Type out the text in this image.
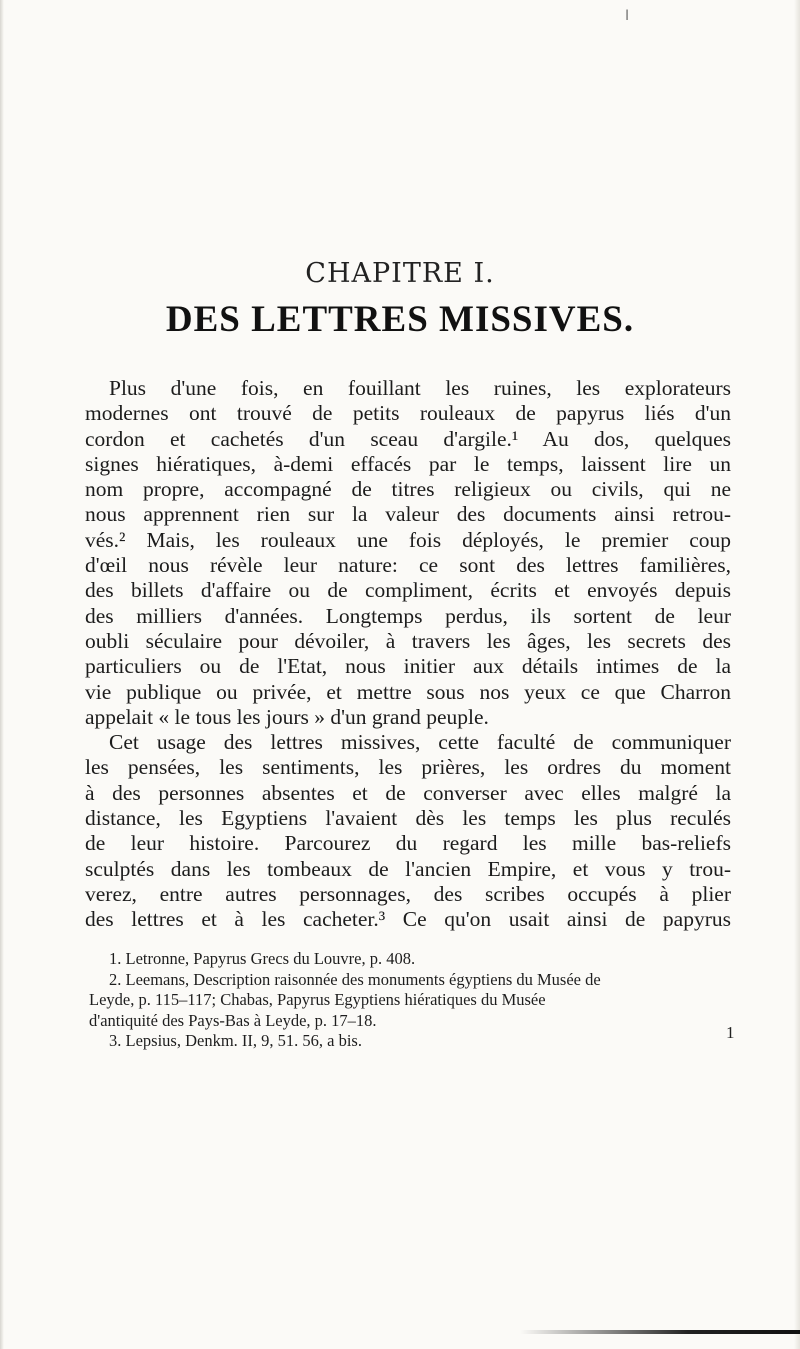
I
CHAPITRE I.
DES LETTRES MISSIVES.
Plus d'une fois, en fouillant les ruines, les explorateurs
modernes ont trouvé de petits rouleaux de papyrus liés d'un
cordon et cachetés d'un sceau d'argile.¹ Au dos, quelques
signes hiératiques, à-demi effacés par le temps, laissent lire un
nom propre, accompagné de titres religieux ou civils, qui ne
nous apprennent rien sur la valeur des documents ainsi retrou-
vés.² Mais, les rouleaux une fois déployés, le premier coup
d'œil nous révèle leur nature: ce sont des lettres familières,
des billets d'affaire ou de compliment, écrits et envoyés depuis
des milliers d'années. Longtemps perdus, ils sortent de leur
oubli séculaire pour dévoiler, à travers les âges, les secrets des
particuliers ou de l'Etat, nous initier aux détails intimes de la
vie publique ou privée, et mettre sous nos yeux ce que Charron
appelait « le tous les jours » d'un grand peuple.
Cet usage des lettres missives, cette faculté de communiquer
les pensées, les sentiments, les prières, les ordres du moment
à des personnes absentes et de converser avec elles malgré la
distance, les Egyptiens l'avaient dès les temps les plus reculés
de leur histoire. Parcourez du regard les mille bas-reliefs
sculptés dans les tombeaux de l'ancien Empire, et vous y trou-
verez, entre autres personnages, des scribes occupés à plier
des lettres et à les cacheter.³ Ce qu'on usait ainsi de papyrus
1. Letronne, Papyrus Grecs du Louvre, p. 408.
2. Leemans, Description raisonnée des monuments égyptiens du Musée de
Leyde, p. 115–117; Chabas, Papyrus Egyptiens hiératiques du Musée
d'antiquité des Pays-Bas à Leyde, p. 17–18.
3. Lepsius, Denkm. II, 9, 51. 56, a bis.	1
